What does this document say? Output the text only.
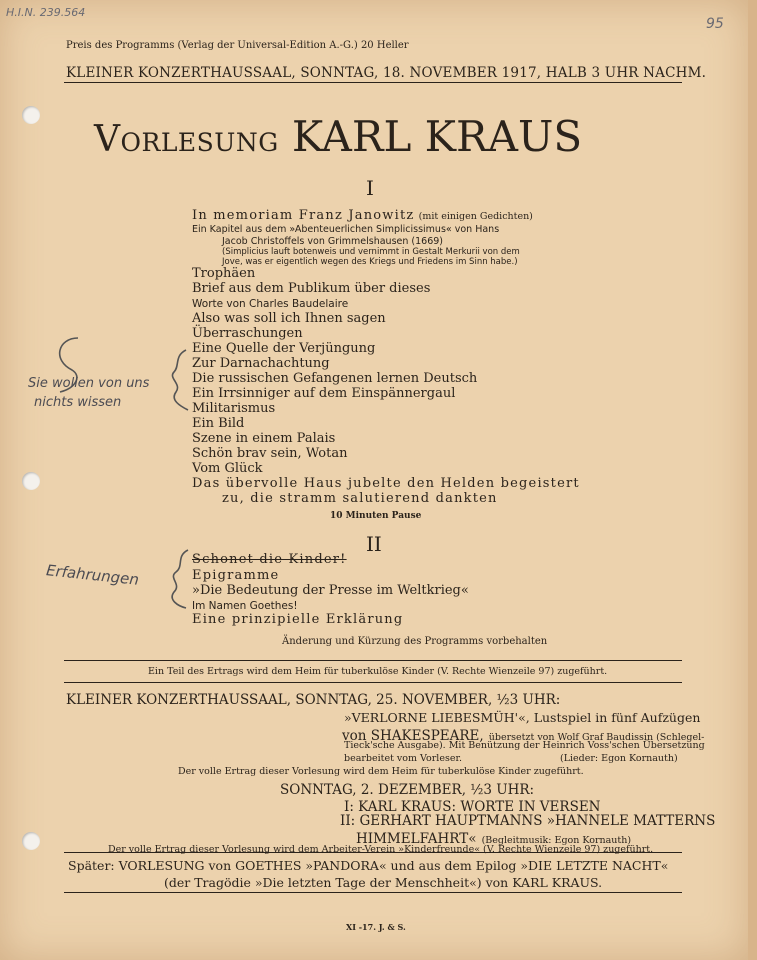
H.I.N. 239.564
95
Preis des Programms (Verlag der Universal-Edition A.-G.) 20 Heller
KLEINER KONZERTHAUSSAAL, SONNTAG, 18. NOVEMBER 1917, HALB 3 UHR NACHM.
Vorlesung KARL KRAUS
I
In memoriam Franz Janowitz (mit einigen Gedichten)
Ein Kapitel aus dem »Abenteuerlichen Simplicissimus« von Hans
Jacob Christoffels von Grimmelshausen (1669)
(Simplicius lauft botenweis und vernimmt in Gestalt Merkurii von dem
Jove, was er eigentlich wegen des Kriegs und Friedens im Sinn habe.)
Trophäen
Brief aus dem Publikum über dieses
Worte von Charles Baudelaire
Also was soll ich Ihnen sagen
Überraschungen
Eine Quelle der Verjüngung
Zur Darnachachtung
Die russischen Gefangenen lernen Deutsch
Ein Irrsinniger auf dem Einspännergaul
Militarismus
Ein Bild
Szene in einem Palais
Schön brav sein, Wotan
Vom Glück
Das übervolle Haus jubelte den Helden begeistert
zu, die stramm salutierend dankten
10 Minuten Pause
Sie wollen von uns
nichts wissen
II
Schonet die Kinder!
Epigramme
»Die Bedeutung der Presse im Weltkrieg«
Im Namen Goethes!
Eine prinzipielle Erklärung
Änderung und Kürzung des Programms vorbehalten
Erfahrungen
Ein Teil des Ertrags wird dem Heim für tuberkulöse Kinder (V. Rechte Wienzeile 97) zugeführt.
KLEINER KONZERTHAUSSAAL, SONNTAG, 25. NOVEMBER, ½3 UHR:
»VERLORNE LIEBESMÜH'«, Lustspiel in fünf Aufzügen
von SHAKESPEARE, übersetzt von Wolf Graf Baudissin (Schlegel-
Tieck'sche Ausgabe). Mit Benützung der Heinrich Voss'schen Übersetzung
bearbeitet vom Vorleser.	(Lieder: Egon Kornauth)
Der volle Ertrag dieser Vorlesung wird dem Heim für tuberkulöse Kinder zugeführt.
SONNTAG, 2. DEZEMBER, ½3 UHR:
I: KARL KRAUS: WORTE IN VERSEN
II: GERHART HAUPTMANNS »HANNELE MATTERNS
HIMMELFAHRT« (Begleitmusik: Egon Kornauth)
Der volle Ertrag dieser Vorlesung wird dem Arbeiter-Verein »Kinderfreunde« (V. Rechte Wienzeile 97) zugeführt.
Später: VORLESUNG von GOETHES »PANDORA« und aus dem Epilog »DIE LETZTE NACHT«
(der Tragödie »Die letzten Tage der Menschheit«) von KARL KRAUS.
XI -17. J. & S.
